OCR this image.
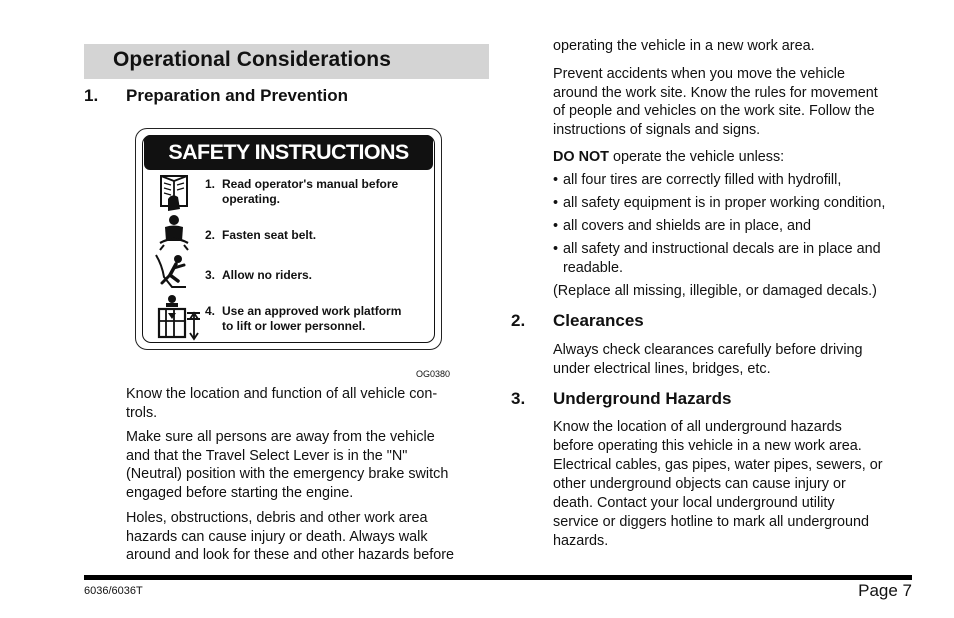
Operational Considerations
1. Preparation and Prevention
SAFETY INSTRUCTIONS
1. Read operator's manual before
operating.
2. Fasten seat belt.
3. Allow no riders.
4. Use an approved work platform
to lift or lower personnel.
OG0380

Know the location and function of all vehicle con-
trols.

Make sure all persons are away from the vehicle
and that the Travel Select Lever is in the "N"
(Neutral) position with the emergency brake switch
engaged before starting the engine.

Holes, obstructions, debris and other work area
hazards can cause injury or death. Always walk
around and look for these and other hazards before

operating the vehicle in a new work area.

Prevent accidents when you move the vehicle
around the work site. Know the rules for movement
of people and vehicles on the work site. Follow the
instructions of signals and signs.

DO NOT operate the vehicle unless:

• all four tires are correctly filled with hydrofill,
• all safety equipment is in proper working condition,
• all covers and shields are in place, and
• all safety and instructional decals are in place and
readable.

(Replace all missing, illegible, or damaged decals.)

2. Clearances

Always check clearances carefully before driving
under electrical lines, bridges, etc.

3. Underground Hazards

Know the location of all underground hazards
before operating this vehicle in a new work area.
Electrical cables, gas pipes, water pipes, sewers, or
other underground objects can cause injury or
death. Contact your local underground utility
service or diggers hotline to mark all underground
hazards.

6036/6036T	Page 7
